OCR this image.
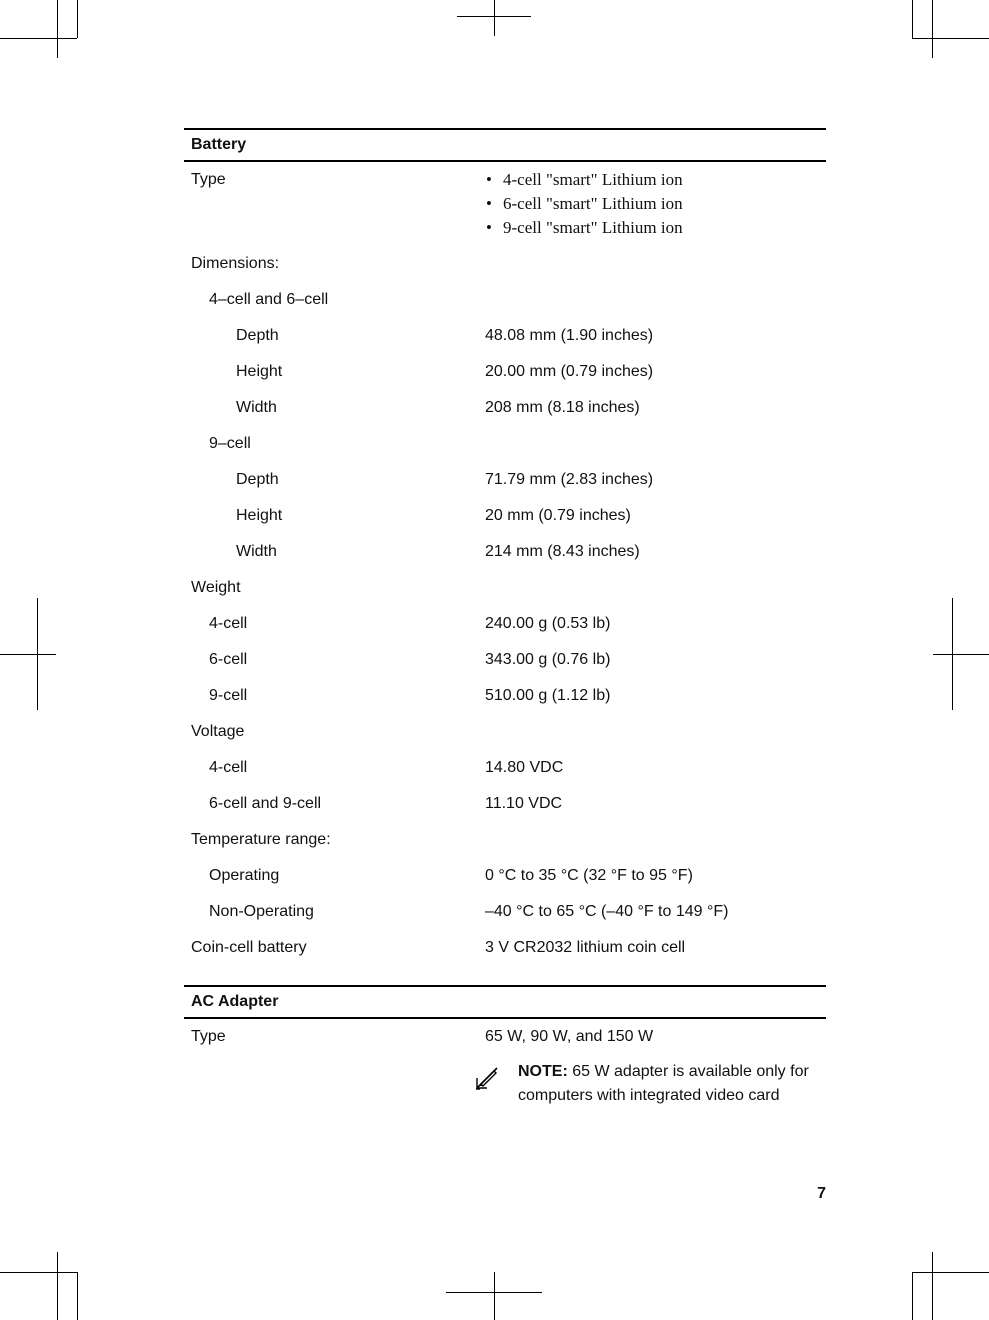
Battery
Type	• 4-cell "smart" Lithium ion
• 6-cell "smart" Lithium ion
• 9-cell "smart" Lithium ion
Dimensions:
4–cell and 6–cell
Depth	48.08 mm (1.90 inches)
Height	20.00 mm (0.79 inches)
Width	208 mm (8.18 inches)
9–cell
Depth	71.79 mm (2.83 inches)
Height	20 mm (0.79 inches)
Width	214 mm (8.43 inches)
Weight
4-cell	240.00 g (0.53 lb)
6-cell	343.00 g (0.76 lb)
9-cell	510.00 g (1.12 lb)
Voltage
4-cell	14.80 VDC
6-cell and 9-cell	11.10 VDC
Temperature range:
Operating	0 °C to 35 °C (32 °F to 95 °F)
Non-Operating	–40 °C to 65 °C (–40 °F to 149 °F)
Coin-cell battery	3 V CR2032 lithium coin cell
AC Adapter
Type	65 W, 90 W, and 150 W
NOTE: 65 W adapter is available only for computers with integrated video card
7
